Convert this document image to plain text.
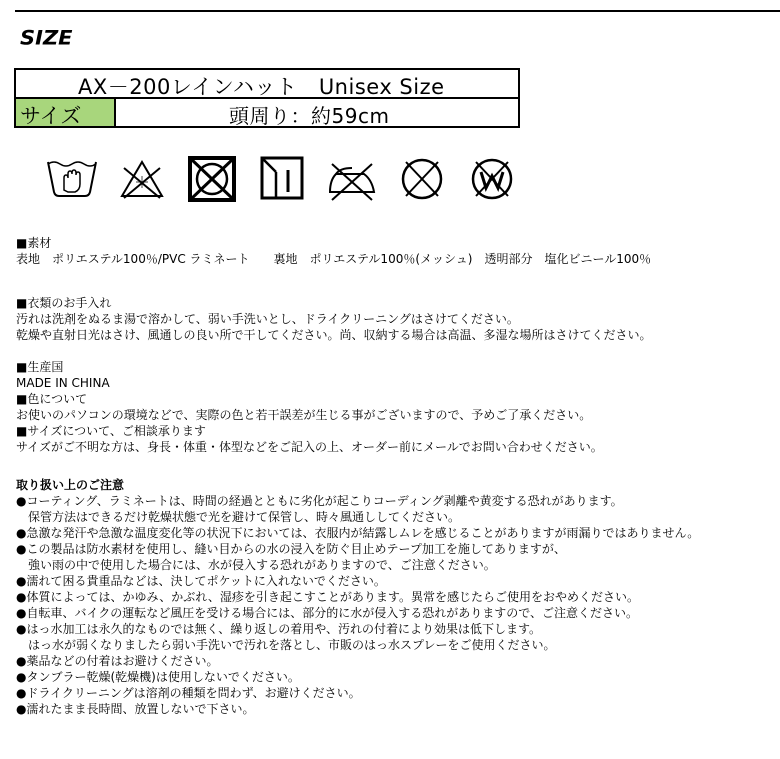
SIZE
AX－200レインハット　Unisex Size
サイズ	頭周り：約59cm

■素材

表地　ポリエステル100％/PVC ラミネート　　裏地　ポリエステル100％(メッシュ)　透明部分　塩化ビニール100％

■衣類のお手入れ

汚れは洗剤をぬるま湯で溶かして、弱い手洗いとし、ドライクリーニングはさけてください。

乾燥や直射日光はさけ、風通しの良い所で干してください。尚、収納する場合は高温、多湿な場所はさけてください。

■生産国

MADE IN CHINA

■色について

お使いのパソコンの環境などで、実際の色と若干誤差が生じる事がございますので、予めご了承ください。

■サイズについて、ご相談承ります

サイズがご不明な方は、身長・体重・体型などをご記入の上、オーダー前にメールでお問い合わせください。

取り扱い上のご注意

●コーティング、ラミネートは、時間の経過とともに劣化が起こりコーディング剥離や黄変する恐れがあります。

　保管方法はできるだけ乾燥状態で光を避けて保管し、時々風通ししてください。

●急激な発汗や急激な温度変化等の状況下においては、衣服内が結露しムレを感じることがありますが雨漏りではありません。

●この製品は防水素材を使用し、縫い目からの水の浸入を防ぐ目止めテープ加工を施してありますが、

　強い雨の中で使用した場合には、水が侵入する恐れがありますので、ご注意ください。

●濡れて困る貴重品などは、決してポケットに入れないでください。

●体質によっては、かゆみ、かぶれ、湿疹を引き起こすことがあります。異常を感じたらご使用をおやめください。

●自転車、バイクの運転など風圧を受ける場合には、部分的に水が侵入する恐れがありますので、ご注意ください。

●はっ水加工は永久的なものでは無く、繰り返しの着用や、汚れの付着により効果は低下します。

　はっ水が弱くなりましたら弱い手洗いで汚れを落とし、市販のはっ水スプレーをご使用ください。

●薬品などの付着はお避けください。

●タンブラー乾燥(乾燥機)は使用しないでください。

●ドライクリーニングは溶剤の種類を問わず、お避けください。

●濡れたまま長時間、放置しないで下さい。
